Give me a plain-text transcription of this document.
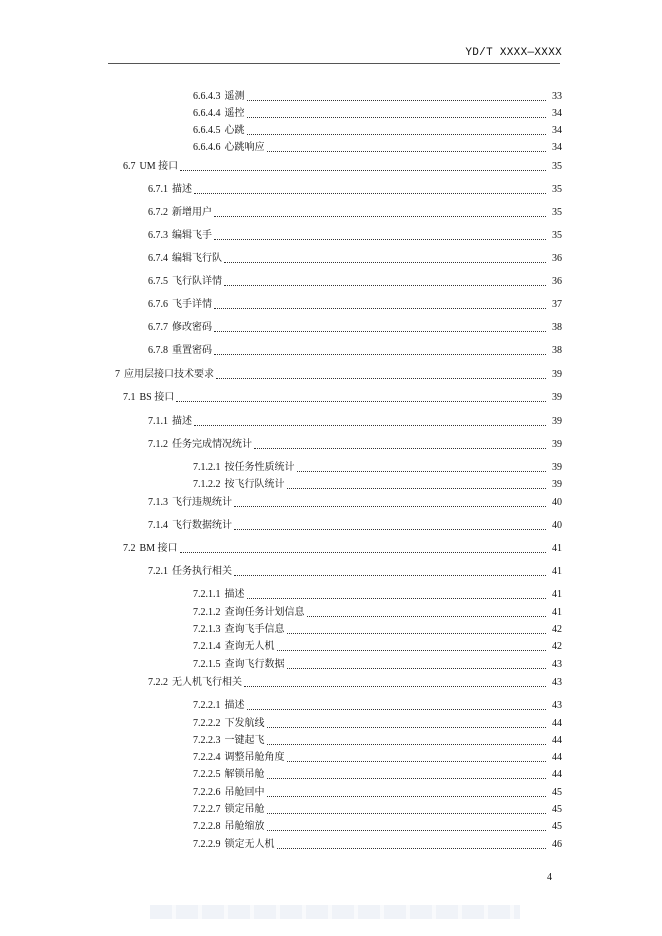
YD/T XXXX—XXXX
6.6.4.3 遥测	33
6.6.4.4 遥控	34
6.6.4.5 心跳	34
6.6.4.6 心跳响应	34
6.7 UM 接口	35
6.7.1 描述	35
6.7.2 新增用户	35
6.7.3 编辑飞手	35
6.7.4 编辑飞行队	36
6.7.5 飞行队详情	36
6.7.6 飞手详情	37
6.7.7 修改密码	38
6.7.8 重置密码	38
7 应用层接口技术要求	39
7.1 BS 接口	39
7.1.1 描述	39
7.1.2 任务完成情况统计	39
7.1.2.1 按任务性质统计	39
7.1.2.2 按飞行队统计	39
7.1.3 飞行违规统计	40
7.1.4 飞行数据统计	40
7.2 BM 接口	41
7.2.1 任务执行相关	41
7.2.1.1 描述	41
7.2.1.2 查询任务计划信息	41
7.2.1.3 查询飞手信息	42
7.2.1.4 查询无人机	42
7.2.1.5 查询飞行数据	43
7.2.2 无人机飞行相关	43
7.2.2.1 描述	43
7.2.2.2 下发航线	44
7.2.2.3 一键起飞	44
7.2.2.4 调整吊舱角度	44
7.2.2.5 解锁吊舱	44
7.2.2.6 吊舱回中	45
7.2.2.7 锁定吊舱	45
7.2.2.8 吊舱缩放	45
7.2.2.9 锁定无人机	46
4
